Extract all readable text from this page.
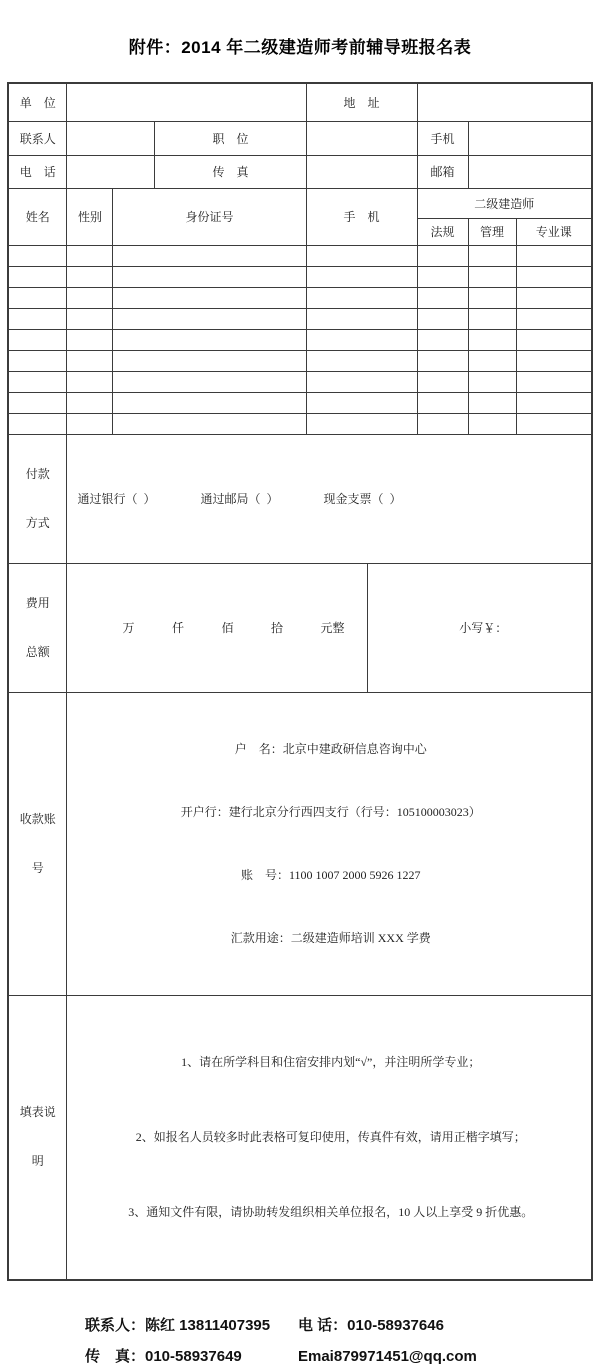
附件：2014 年二级建造师考前辅导班报名表
单　位				地　址				
联系人			职　位			手机		
电　话			传　真			邮箱		
姓名	性别	身份证号		手　机		二级建造师		
						法规	管理	专业课

付款

方式

通过银行（  ）	通过邮局（  ）	现金支票（  ）

费用

总额

万	仟	佰	拾	元整	小写￥：

收款账

号

户　名：北京中建政研信息咨询中心

开户行：建行北京分行西四支行（行号：105100003023）

账　号：1100 1007 2000 5926 1227

汇款用途：二级建造师培训 XXX 学费

填表说

明

1、请在所学科目和住宿安排内划“√”，并注明所学专业；

2、如报名人员较多时此表格可复印使用，传真件有效，请用正楷字填写；

3、通知文件有限，请协助转发组织相关单位报名，10 人以上享受 9 折优惠。

联系人：陈红 13811407395	电 话：010-58937646
传　真：010-58937649	Emai879971451@qq.com
